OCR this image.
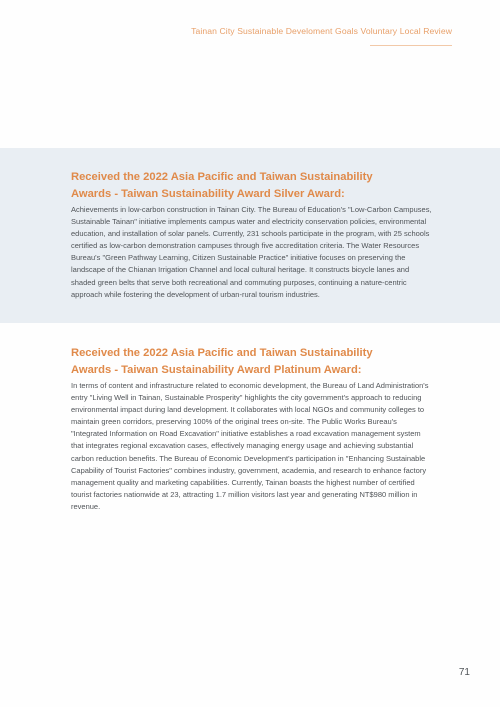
Tainan City Sustainable Develoment Goals Voluntary Local Review

Received the 2022 Asia Pacific and Taiwan Sustainability
Awards - Taiwan Sustainability Award Silver Award:

Achievements in low-carbon construction in Tainan City. The Bureau of Education's "Low-Carbon Campuses, Sustainable Tainan" initiative implements campus water and electricity conservation policies, environmental education, and installation of solar panels. Currently, 231 schools participate in the program, with 25 schools certified as low-carbon demonstration campuses through five accreditation criteria. The Water Resources Bureau's "Green Pathway Learning, Citizen Sustainable Practice" initiative focuses on preserving the landscape of the Chianan Irrigation Channel and local cultural heritage. It constructs bicycle lanes and shaded green belts that serve both recreational and commuting purposes, continuing a nature-centric approach while fostering the development of urban-rural tourism industries.

Received the 2022 Asia Pacific and Taiwan Sustainability
Awards - Taiwan Sustainability Award Platinum Award:

In terms of content and infrastructure related to economic development, the Bureau of Land Administration's entry "Living Well in Tainan, Sustainable Prosperity" highlights the city government's approach to reducing environmental impact during land development. It collaborates with local NGOs and community colleges to maintain green corridors, preserving 100% of the original trees on-site. The Public Works Bureau's "Integrated Information on Road Excavation" initiative establishes a road excavation management system that integrates regional excavation cases, effectively managing energy usage and achieving substantial carbon reduction benefits. The Bureau of Economic Development's participation in "Enhancing Sustainable Capability of Tourist Factories" combines industry, government, academia, and research to enhance factory management quality and marketing capabilities. Currently, Tainan boasts the highest number of certified tourist factories nationwide at 23, attracting 1.7 million visitors last year and generating NT$980 million in revenue.

71
